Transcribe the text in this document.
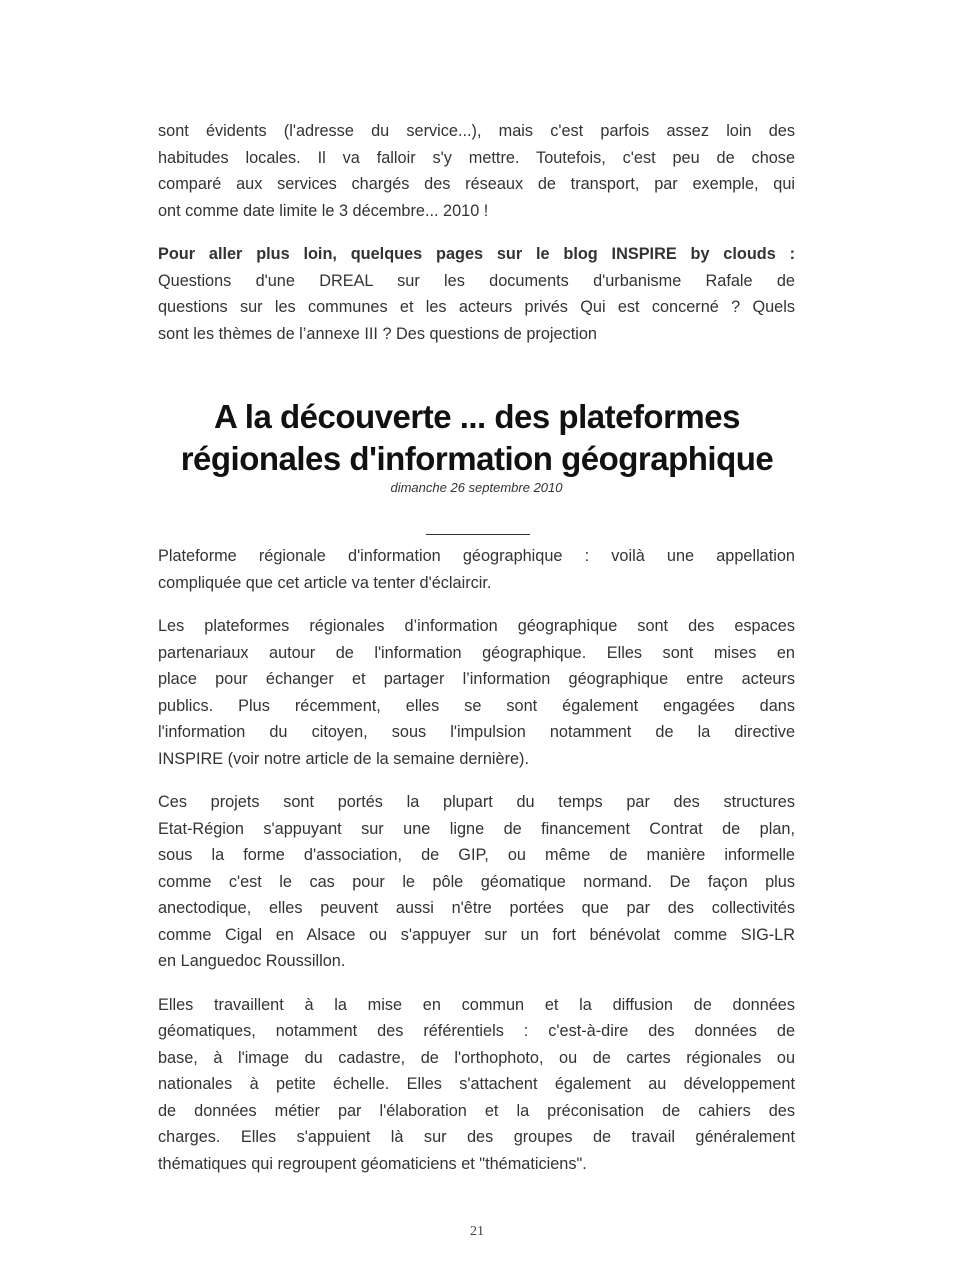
sont évidents (l'adresse du service...), mais c'est parfois assez loin des
habitudes locales. Il va falloir s'y mettre. Toutefois, c'est peu de chose
comparé aux services chargés des réseaux de transport, par exemple, qui
ont comme date limite le 3 décembre... 2010 !

Pour aller plus loin, quelques pages sur le blog INSPIRE by clouds :
Questions d'une DREAL sur les documents d'urbanisme Rafale de
questions sur les communes et les acteurs privés Qui est concerné ? Quels
sont les thèmes de l’annexe III ? Des questions de projection

A la découverte ... des plateformes
régionales d'information géographique
dimanche 26 septembre 2010

Plateforme régionale d'information géographique : voilà une appellation
compliquée que cet article va tenter d'éclaircir.

Les plateformes régionales d’information géographique sont des espaces
partenariaux autour de l'information géographique. Elles sont mises en
place pour échanger et partager l’information géographique entre acteurs
publics. Plus récemment, elles se sont également engagées dans
l'information du citoyen, sous l'impulsion notamment de la directive
INSPIRE (voir notre article de la semaine dernière).

Ces projets sont portés la plupart du temps par des structures
Etat-Région s'appuyant sur une ligne de financement Contrat de plan,
sous la forme d'association, de GIP, ou même de manière informelle
comme c'est le cas pour le pôle géomatique normand. De façon plus
anectodique, elles peuvent aussi n'être portées que par des collectivités
comme Cigal en Alsace ou s'appuyer sur un fort bénévolat comme SIG-LR
en Languedoc Roussillon.

Elles travaillent à la mise en commun et la diffusion de données
géomatiques, notamment des référentiels : c'est-à-dire des données de
base, à l'image du cadastre, de l'orthophoto, ou de cartes régionales ou
nationales à petite échelle. Elles s'attachent également au développement
de données métier par l'élaboration et la préconisation de cahiers des
charges. Elles s'appuient là sur des groupes de travail généralement
thématiques qui regroupent géomaticiens et "thématiciens".

21
